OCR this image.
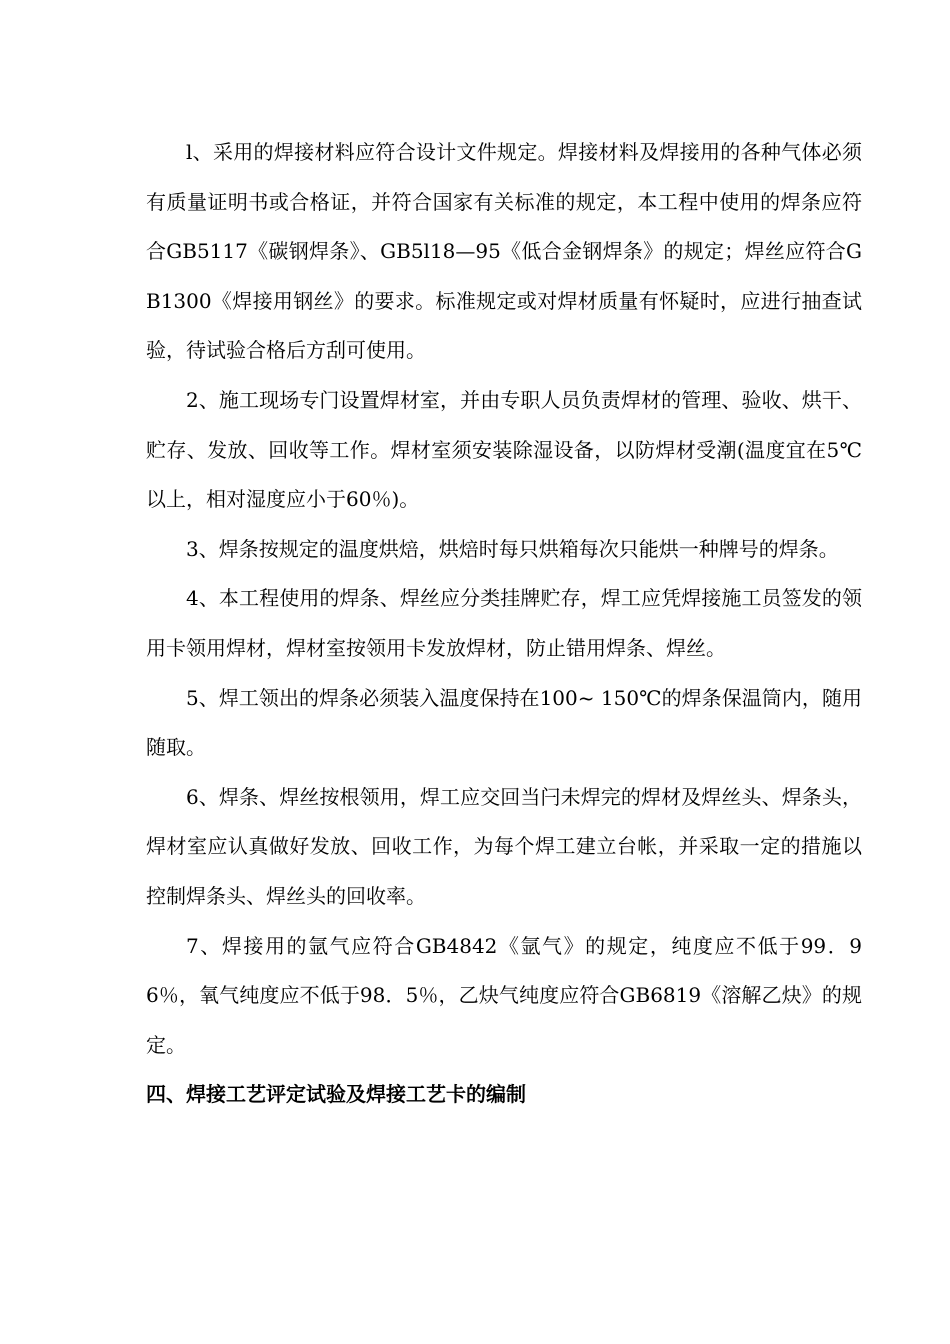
l、采用的焊接材料应符合设计文件规定。焊接材料及焊接用的各种气体必须有质量证明书或合格证，并符合国家有关标准的规定，本工程中使用的焊条应符合GB5117《碳钢焊条》、GB5l18—95《低合金钢焊条》的规定；焊丝应符合GB1300《焊接用钢丝》的要求。标准规定或对焊材质量有怀疑时，应进行抽查试验，待试验合格后方刮可使用。

2、施工现场专门设置焊材室，并由专职人员负责焊材的管理、验收、烘干、贮存、发放、回收等工作。焊材室须安装除湿设备，以防焊材受潮(温度宜在5℃以上，相对湿度应小于60％)。

3、焊条按规定的温度烘焙，烘焙时每只烘箱每次只能烘一种牌号的焊条。

4、本工程使用的焊条、焊丝应分类挂牌贮存，焊工应凭焊接施工员签发的领用卡领用焊材，焊材室按领用卡发放焊材，防止错用焊条、焊丝。

5、焊工领出的焊条必须装入温度保持在100~ 150℃的焊条保温筒内，随用随取。

6、焊条、焊丝按根领用，焊工应交回当闩未焊完的焊材及焊丝头、焊条头，焊材室应认真做好发放、回收工作，为每个焊工建立台帐，并采取一定的措施以控制焊条头、焊丝头的回收率。

7、焊接用的氩气应符合GB4842《氩气》的规定，纯度应不低于99．96％，氧气纯度应不低于98．5％，乙炔气纯度应符合GB6819《溶解乙炔》的规定。

四、焊接工艺评定试验及焊接工艺卡的编制
